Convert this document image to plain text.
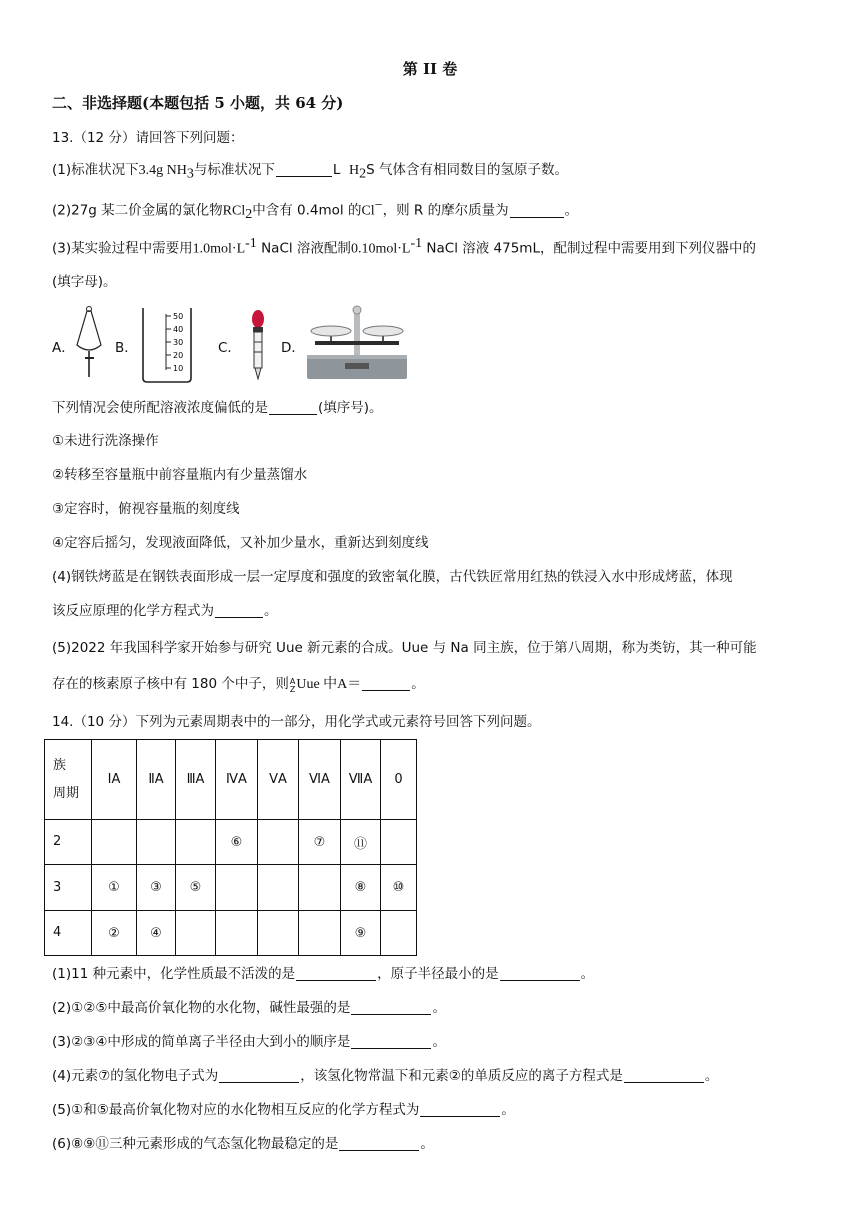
第 II 卷
二、非选择题(本题包括 5 小题，共 64 分)
13.（12 分）请回答下列问题：
(1)标准状况下3.4g $NH_3$与标准状况下	L $H_2S$ 气体含有相同数目的氢原子数。
(2)27g 某二价金属的氯化物RCl$_2$中含有 0.4mol 的Cl−，则 R 的摩尔质量为	。
(3)某实验过程中需要用$1.0mol\cdot L^{-1}$ NaCl 溶液配制$0.10mol\cdot L^{-1}$ NaCl 溶液 475mL，配制过程中需要用到下列仪器中的
(填字母)。
A．	B．
50
40
30
20
10
C．	D．
下列情况会使所配溶液浓度偏低的是	(填序号)。
①未进行洗涤操作
②转移至容量瓶中前容量瓶内有少量蒸馏水
③定容时，俯视容量瓶的刻度线
④定容后摇匀，发现液面降低，又补加少量水，重新达到刻度线
(4)钢铁烤蓝是在钢铁表面形成一层一定厚度和强度的致密氧化膜，古代铁匠常用红热的铁浸入水中形成烤蓝，体现
该反应原理的化学方程式为	。
(5)2022 年我国科学家开始参与研究 Uue 新元素的合成。Uue 与 Na 同主族，位于第八周期，称为类钫，其一种可能
存在的核素原子核中有 180 个中子，则A
ZUue 中A＝	。
14.（10 分）下列为元素周期表中的一部分，用化学式或元素符号回答下列问题。
族
周期	ⅠA	ⅡA	ⅢA	ⅣA	ⅤA	ⅥA	ⅦA	0
2				⑥		⑦	⑪	
3	①	③	⑤				⑧	⑩
4	②	④					⑨	
(1)11 种元素中，化学性质最不活泼的是	，原子半径最小的是	。
(2)①②⑤中最高价氧化物的水化物，碱性最强的是	。
(3)②③④中形成的简单离子半径由大到小的顺序是	。
(4)元素⑦的氢化物电子式为	，该氢化物常温下和元素②的单质反应的离子方程式是	。
(5)①和⑤最高价氧化物对应的水化物相互反应的化学方程式为	。
(6)⑧⑨⑪三种元素形成的气态氢化物最稳定的是	。
